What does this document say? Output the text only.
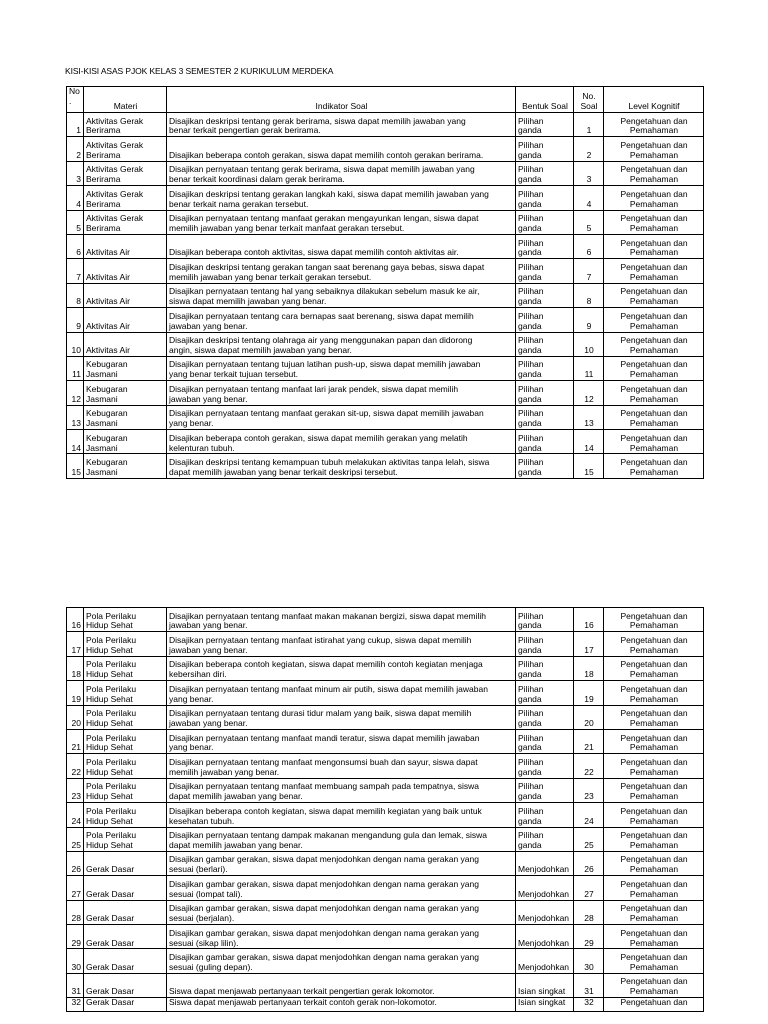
KISI-KISI ASAS PJOK KELAS 3 SEMESTER 2 KURIKULUM MERDEKA
No
.	Materi	Indikator Soal	Bentuk Soal	No.
Soal	Level Kognitif
1	Aktivitas Gerak
Berirama	Disajikan deskripsi tentang gerak berirama, siswa dapat memilih jawaban yang
benar terkait pengertian gerak berirama.	Pilihan
ganda	1	Pengetahuan dan
Pemahaman
2	Aktivitas Gerak
Berirama	Disajikan beberapa contoh gerakan, siswa dapat memilih contoh gerakan berirama.	Pilihan
ganda	2	Pengetahuan dan
Pemahaman
3	Aktivitas Gerak
Berirama	Disajikan pernyataan tentang gerak berirama, siswa dapat memilih jawaban yang
benar terkait koordinasi dalam gerak berirama.	Pilihan
ganda	3	Pengetahuan dan
Pemahaman
4	Aktivitas Gerak
Berirama	Disajikan deskripsi tentang gerakan langkah kaki, siswa dapat memilih jawaban yang
benar terkait nama gerakan tersebut.	Pilihan
ganda	4	Pengetahuan dan
Pemahaman
5	Aktivitas Gerak
Berirama	Disajikan pernyataan tentang manfaat gerakan mengayunkan lengan, siswa dapat
memilih jawaban yang benar terkait manfaat gerakan tersebut.	Pilihan
ganda	5	Pengetahuan dan
Pemahaman
6	Aktivitas Air	Disajikan beberapa contoh aktivitas, siswa dapat memilih contoh aktivitas air.	Pilihan
ganda	6	Pengetahuan dan
Pemahaman
7	Aktivitas Air	Disajikan deskripsi tentang gerakan tangan saat berenang gaya bebas, siswa dapat
memilih jawaban yang benar terkait gerakan tersebut.	Pilihan
ganda	7	Pengetahuan dan
Pemahaman
8	Aktivitas Air	Disajikan pernyataan tentang hal yang sebaiknya dilakukan sebelum masuk ke air,
siswa dapat memilih jawaban yang benar.	Pilihan
ganda	8	Pengetahuan dan
Pemahaman
9	Aktivitas Air	Disajikan pernyataan tentang cara bernapas saat berenang, siswa dapat memilih
jawaban yang benar.	Pilihan
ganda	9	Pengetahuan dan
Pemahaman
10	Aktivitas Air	Disajikan deskripsi tentang olahraga air yang menggunakan papan dan didorong
angin, siswa dapat memilih jawaban yang benar.	Pilihan
ganda	10	Pengetahuan dan
Pemahaman
11	Kebugaran
Jasmani	Disajikan pernyataan tentang tujuan latihan push-up, siswa dapat memilih jawaban
yang benar terkait tujuan tersebut.	Pilihan
ganda	11	Pengetahuan dan
Pemahaman
12	Kebugaran
Jasmani	Disajikan pernyataan tentang manfaat lari jarak pendek, siswa dapat memilih
jawaban yang benar.	Pilihan
ganda	12	Pengetahuan dan
Pemahaman
13	Kebugaran
Jasmani	Disajikan pernyataan tentang manfaat gerakan sit-up, siswa dapat memilih jawaban
yang benar.	Pilihan
ganda	13	Pengetahuan dan
Pemahaman
14	Kebugaran
Jasmani	Disajikan beberapa contoh gerakan, siswa dapat memilih gerakan yang melatih
kelenturan tubuh.	Pilihan
ganda	14	Pengetahuan dan
Pemahaman
15	Kebugaran
Jasmani	Disajikan deskripsi tentang kemampuan tubuh melakukan aktivitas tanpa lelah, siswa
dapat memilih jawaban yang benar terkait deskripsi tersebut.	Pilihan
ganda	15	Pengetahuan dan
Pemahaman
16	Pola Perilaku
Hidup Sehat	Disajikan pernyataan tentang manfaat makan makanan bergizi, siswa dapat memilih
jawaban yang benar.	Pilihan
ganda	16	Pengetahuan dan
Pemahaman
17	Pola Perilaku
Hidup Sehat	Disajikan pernyataan tentang manfaat istirahat yang cukup, siswa dapat memilih
jawaban yang benar.	Pilihan
ganda	17	Pengetahuan dan
Pemahaman
18	Pola Perilaku
Hidup Sehat	Disajikan beberapa contoh kegiatan, siswa dapat memilih contoh kegiatan menjaga
kebersihan diri.	Pilihan
ganda	18	Pengetahuan dan
Pemahaman
19	Pola Perilaku
Hidup Sehat	Disajikan pernyataan tentang manfaat minum air putih, siswa dapat memilih jawaban
yang benar.	Pilihan
ganda	19	Pengetahuan dan
Pemahaman
20	Pola Perilaku
Hidup Sehat	Disajikan pernyataan tentang durasi tidur malam yang baik, siswa dapat memilih
jawaban yang benar.	Pilihan
ganda	20	Pengetahuan dan
Pemahaman
21	Pola Perilaku
Hidup Sehat	Disajikan pernyataan tentang manfaat mandi teratur, siswa dapat memilih jawaban
yang benar.	Pilihan
ganda	21	Pengetahuan dan
Pemahaman
22	Pola Perilaku
Hidup Sehat	Disajikan pernyataan tentang manfaat mengonsumsi buah dan sayur, siswa dapat
memilih jawaban yang benar.	Pilihan
ganda	22	Pengetahuan dan
Pemahaman
23	Pola Perilaku
Hidup Sehat	Disajikan pernyataan tentang manfaat membuang sampah pada tempatnya, siswa
dapat memilih jawaban yang benar.	Pilihan
ganda	23	Pengetahuan dan
Pemahaman
24	Pola Perilaku
Hidup Sehat	Disajikan beberapa contoh kegiatan, siswa dapat memilih kegiatan yang baik untuk
kesehatan tubuh.	Pilihan
ganda	24	Pengetahuan dan
Pemahaman
25	Pola Perilaku
Hidup Sehat	Disajikan pernyataan tentang dampak makanan mengandung gula dan lemak, siswa
dapat memilih jawaban yang benar.	Pilihan
ganda	25	Pengetahuan dan
Pemahaman
26	Gerak Dasar	Disajikan gambar gerakan, siswa dapat menjodohkan dengan nama gerakan yang
sesuai (berlari).	Menjodohkan	26	Pengetahuan dan
Pemahaman
27	Gerak Dasar	Disajikan gambar gerakan, siswa dapat menjodohkan dengan nama gerakan yang
sesuai (lompat tali).	Menjodohkan	27	Pengetahuan dan
Pemahaman
28	Gerak Dasar	Disajikan gambar gerakan, siswa dapat menjodohkan dengan nama gerakan yang
sesuai (berjalan).	Menjodohkan	28	Pengetahuan dan
Pemahaman
29	Gerak Dasar	Disajikan gambar gerakan, siswa dapat menjodohkan dengan nama gerakan yang
sesuai (sikap lilin).	Menjodohkan	29	Pengetahuan dan
Pemahaman
30	Gerak Dasar	Disajikan gambar gerakan, siswa dapat menjodohkan dengan nama gerakan yang
sesuai (guling depan).	Menjodohkan	30	Pengetahuan dan
Pemahaman
31	Gerak Dasar	Siswa dapat menjawab pertanyaan terkait pengertian gerak lokomotor.	Isian singkat	31	Pengetahuan dan
Pemahaman
32	Gerak Dasar	Siswa dapat menjawab pertanyaan terkait contoh gerak non-lokomotor.	Isian singkat	32	Pengetahuan dan
